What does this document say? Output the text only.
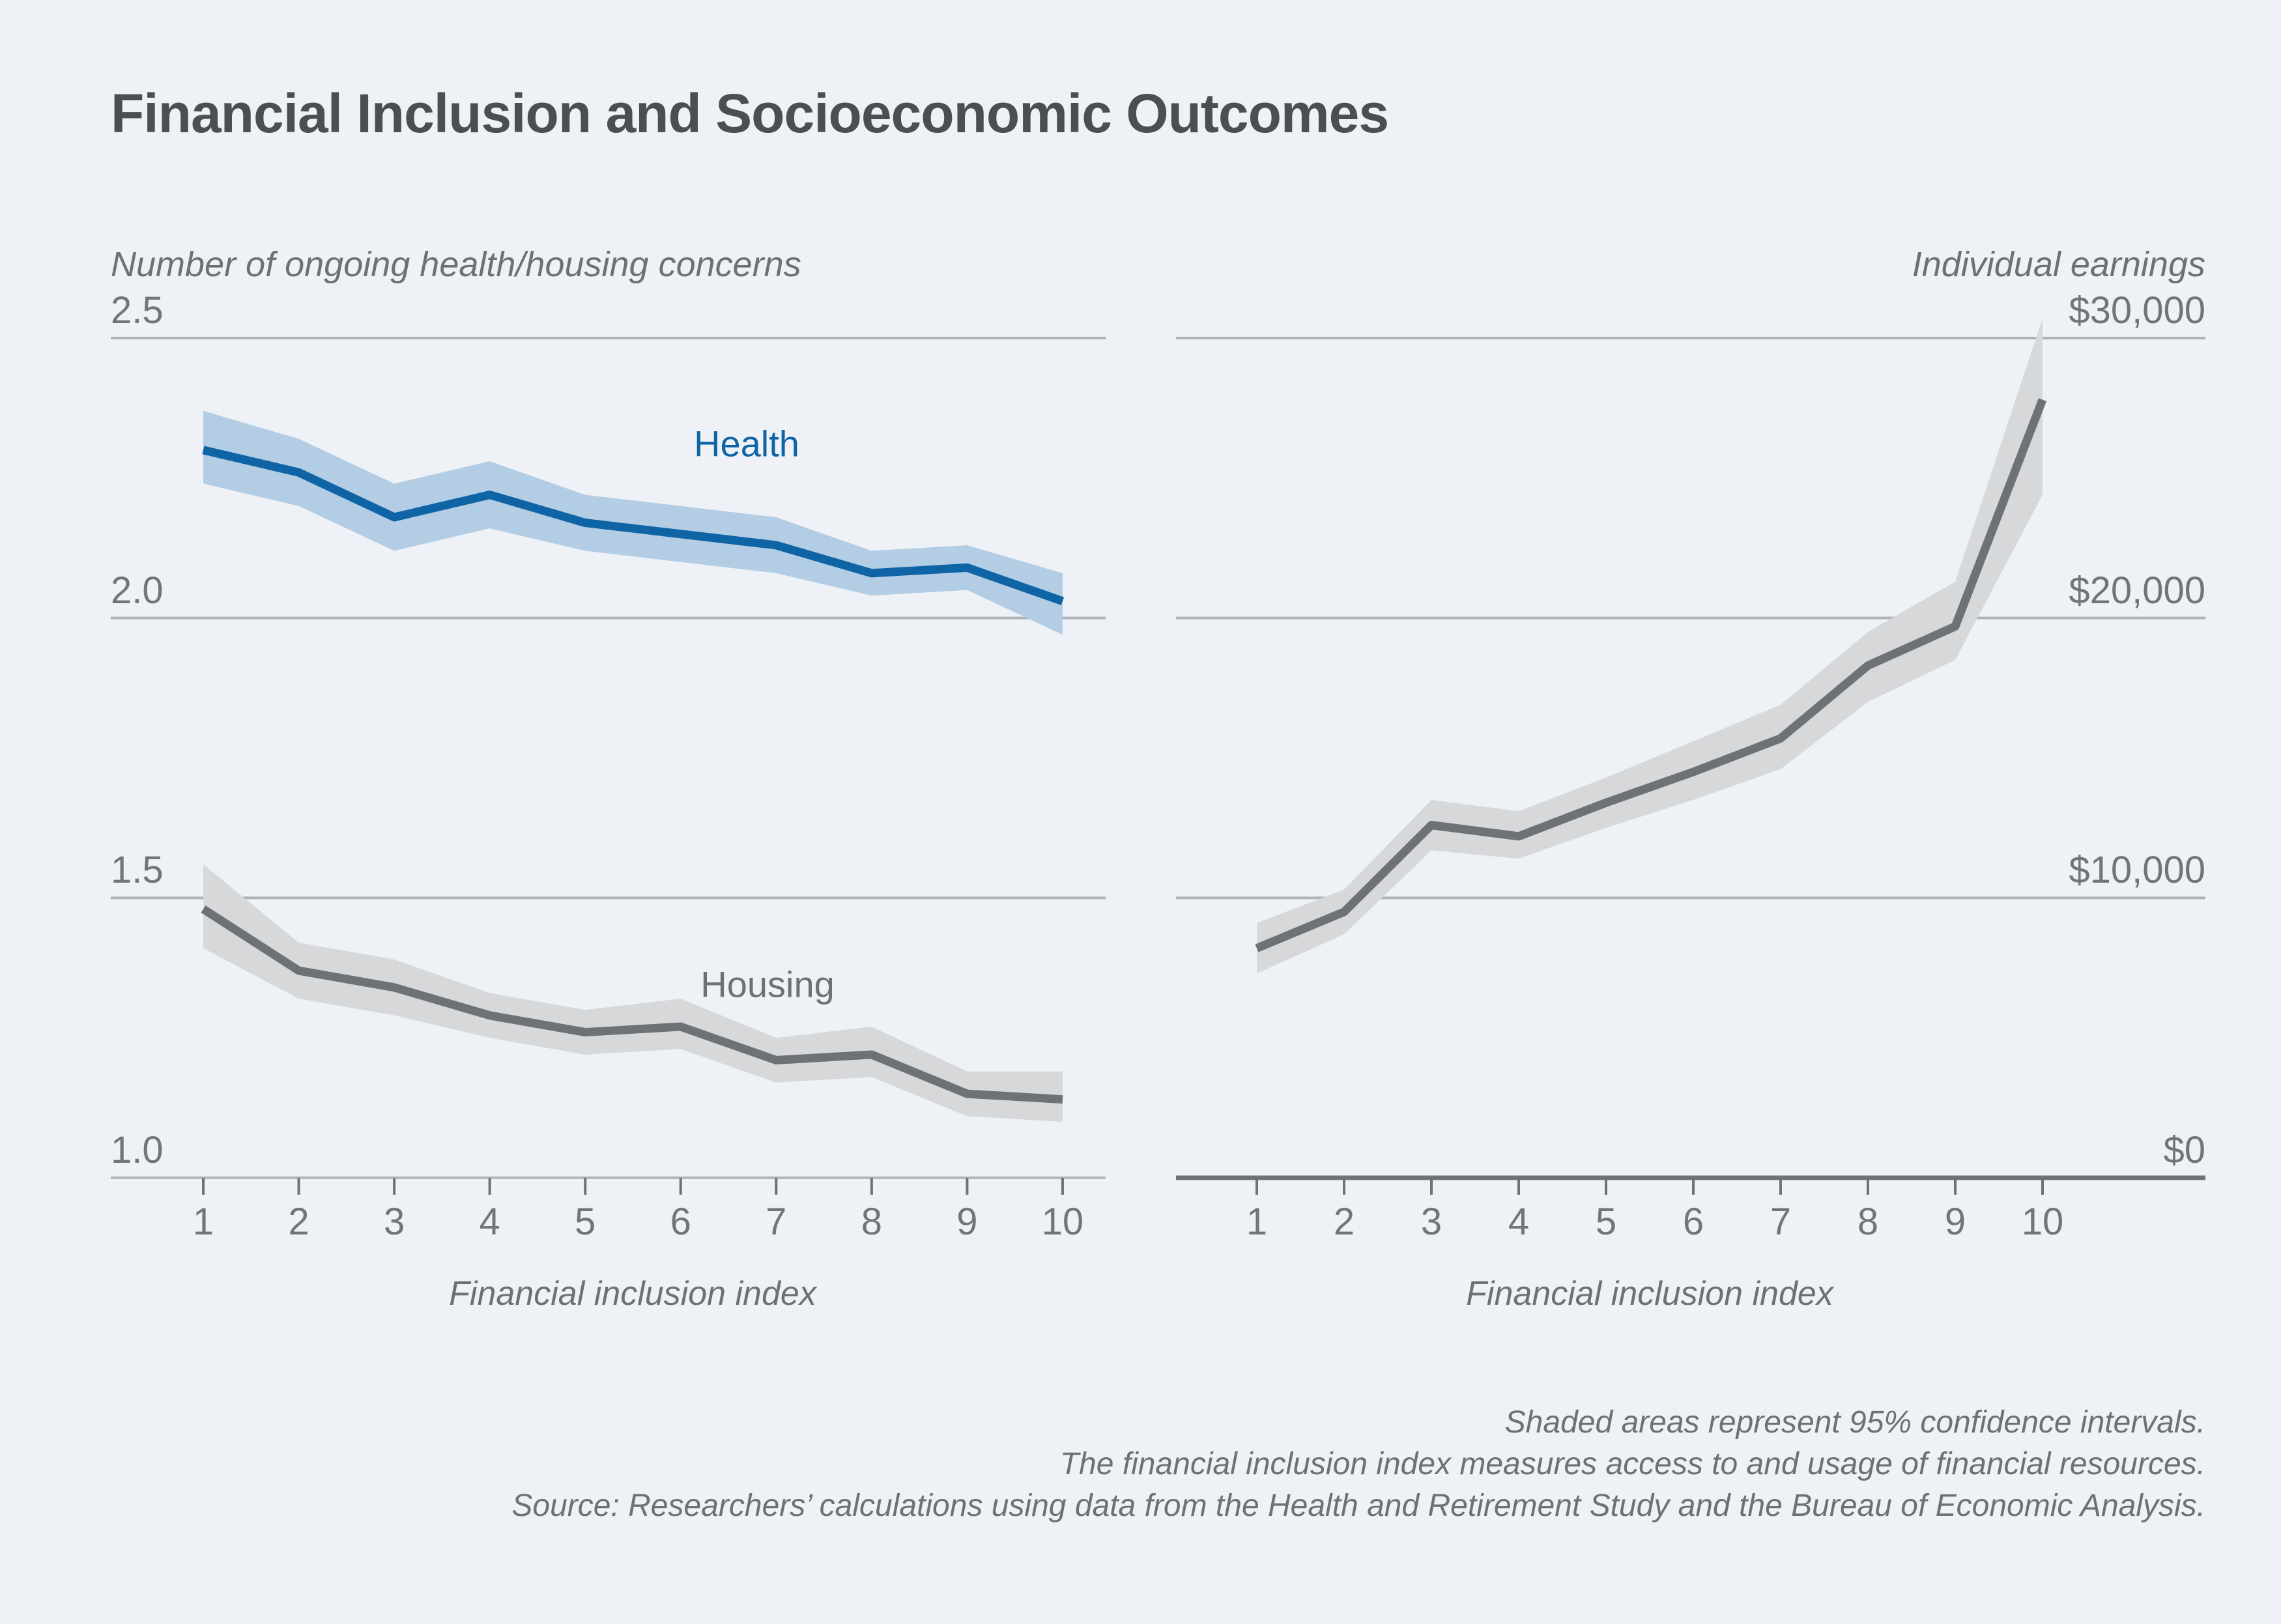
Financial Inclusion and Socioeconomic Outcomes
Number of ongoing health/housing concerns	Individual earnings
Health
Housing
Financial inclusion index	Financial inclusion index
Shaded areas represent 95% confidence intervals.
The financial inclusion index measures access to and usage of financial resources.
Source: Researchers’ calculations using data from the Health and Retirement Study and the Bureau of Economic Analysis.
2.5
2.0
1.5
1.0
1	2	3	4	5	6	7	8	9	10
$30,000
$20,000
$10,000
$0
1	2	3	4	5	6	7	8	9	10
